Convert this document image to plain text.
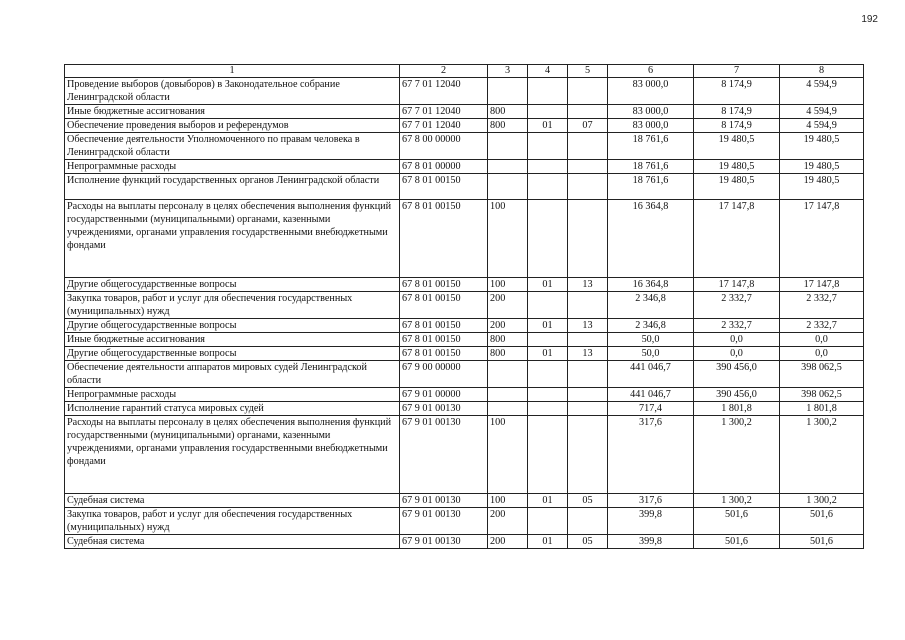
192
1	2	3	4	5	6	7	8
Проведение выборов (довыборов) в Законодательное собрание Ленинградской области	67 7 01 12040				83 000,0	8 174,9	4 594,9
Иные бюджетные ассигнования	67 7 01 12040	800			83 000,0	8 174,9	4 594,9
Обеспечение проведения выборов и референдумов	67 7 01 12040	800	01	07	83 000,0	8 174,9	4 594,9
Обеспечение деятельности Уполномоченного по правам человека в Ленинградской области	67 8 00 00000				18 761,6	19 480,5	19 480,5
Непрограммные расходы	67 8 01 00000				18 761,6	19 480,5	19 480,5
Исполнение функций государственных органов Ленинградской области	67 8 01 00150				18 761,6	19 480,5	19 480,5
Расходы на выплаты персоналу в целях обеспечения выполнения функций государственными (муниципальными) органами, казенными учреждениями, органами управления государственными внебюджетными фондами	67 8 01 00150	100			16 364,8	17 147,8	17 147,8
Другие общегосударственные вопросы	67 8 01 00150	100	01	13	16 364,8	17 147,8	17 147,8
Закупка товаров, работ и услуг для обеспечения государственных (муниципальных) нужд	67 8 01 00150	200			2 346,8	2 332,7	2 332,7
Другие общегосударственные вопросы	67 8 01 00150	200	01	13	2 346,8	2 332,7	2 332,7
Иные бюджетные ассигнования	67 8 01 00150	800			50,0	0,0	0,0
Другие общегосударственные вопросы	67 8 01 00150	800	01	13	50,0	0,0	0,0
Обеспечение деятельности аппаратов мировых судей Ленинградской области	67 9 00 00000				441 046,7	390 456,0	398 062,5
Непрограммные расходы	67 9 01 00000				441 046,7	390 456,0	398 062,5
Исполнение гарантий статуса мировых судей	67 9 01 00130				717,4	1 801,8	1 801,8
Расходы на выплаты персоналу в целях обеспечения выполнения функций государственными (муниципальными) органами, казенными учреждениями, органами управления государственными внебюджетными фондами	67 9 01 00130	100			317,6	1 300,2	1 300,2
Судебная система	67 9 01 00130	100	01	05	317,6	1 300,2	1 300,2
Закупка товаров, работ и услуг для обеспечения государственных (муниципальных) нужд	67 9 01 00130	200			399,8	501,6	501,6
Судебная система	67 9 01 00130	200	01	05	399,8	501,6	501,6
